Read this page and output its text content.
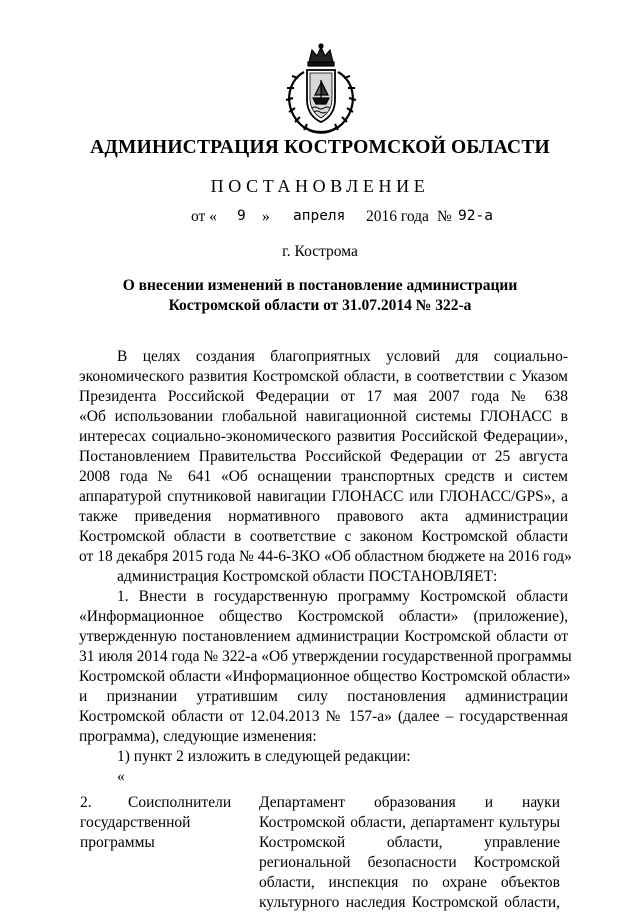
АДМИНИСТРАЦИЯ КОСТРОМСКОЙ ОБЛАСТИ
ПОСТАНОВЛЕНИЕ
от « 9 » апреля 2016 года № 92-а
г. Кострома
О внесении изменений в постановление администрации
Костромской области от 31.07.2014 № 322-а
В целях создания благоприятных условий для социально-
экономического развития Костромской области, в соответствии с Указом
Президента Российской Федерации от 17 мая 2007 года № 638
«Об использовании глобальной навигационной системы ГЛОНАСС в
интересах социально-экономического развития Российской Федерации»,
Постановлением Правительства Российской Федерации от 25 августа
2008 года № 641 «Об оснащении транспортных средств и систем
аппаратурой спутниковой навигации ГЛОНАСС или ГЛОНАСС/GPS», а
также приведения нормативного правового акта администрации
Костромской области в соответствие с законом Костромской области
от 18 декабря 2015 года № 44-6-ЗКО «Об областном бюджете на 2016 год»
администрация Костромской области ПОСТАНОВЛЯЕТ:
1. Внести в государственную программу Костромской области
«Информационное общество Костромской области» (приложение),
утвержденную постановлением администрации Костромской области от
31 июля 2014 года № 322-а «Об утверждении государственной программы
Костромской области «Информационное общество Костромской области»
и признании утратившим силу постановления администрации
Костромской области от 12.04.2013 № 157-а» (далее – государственная
программа), следующие изменения:
1) пункт 2 изложить в следующей редакции:
«
2.	Соисполнители
государственной
программы
Департамент образования и науки
Костромской области, департамент культуры
Костромской области, управление
региональной безопасности Костромской
области, инспекция по охране объектов
культурного наследия Костромской области,
